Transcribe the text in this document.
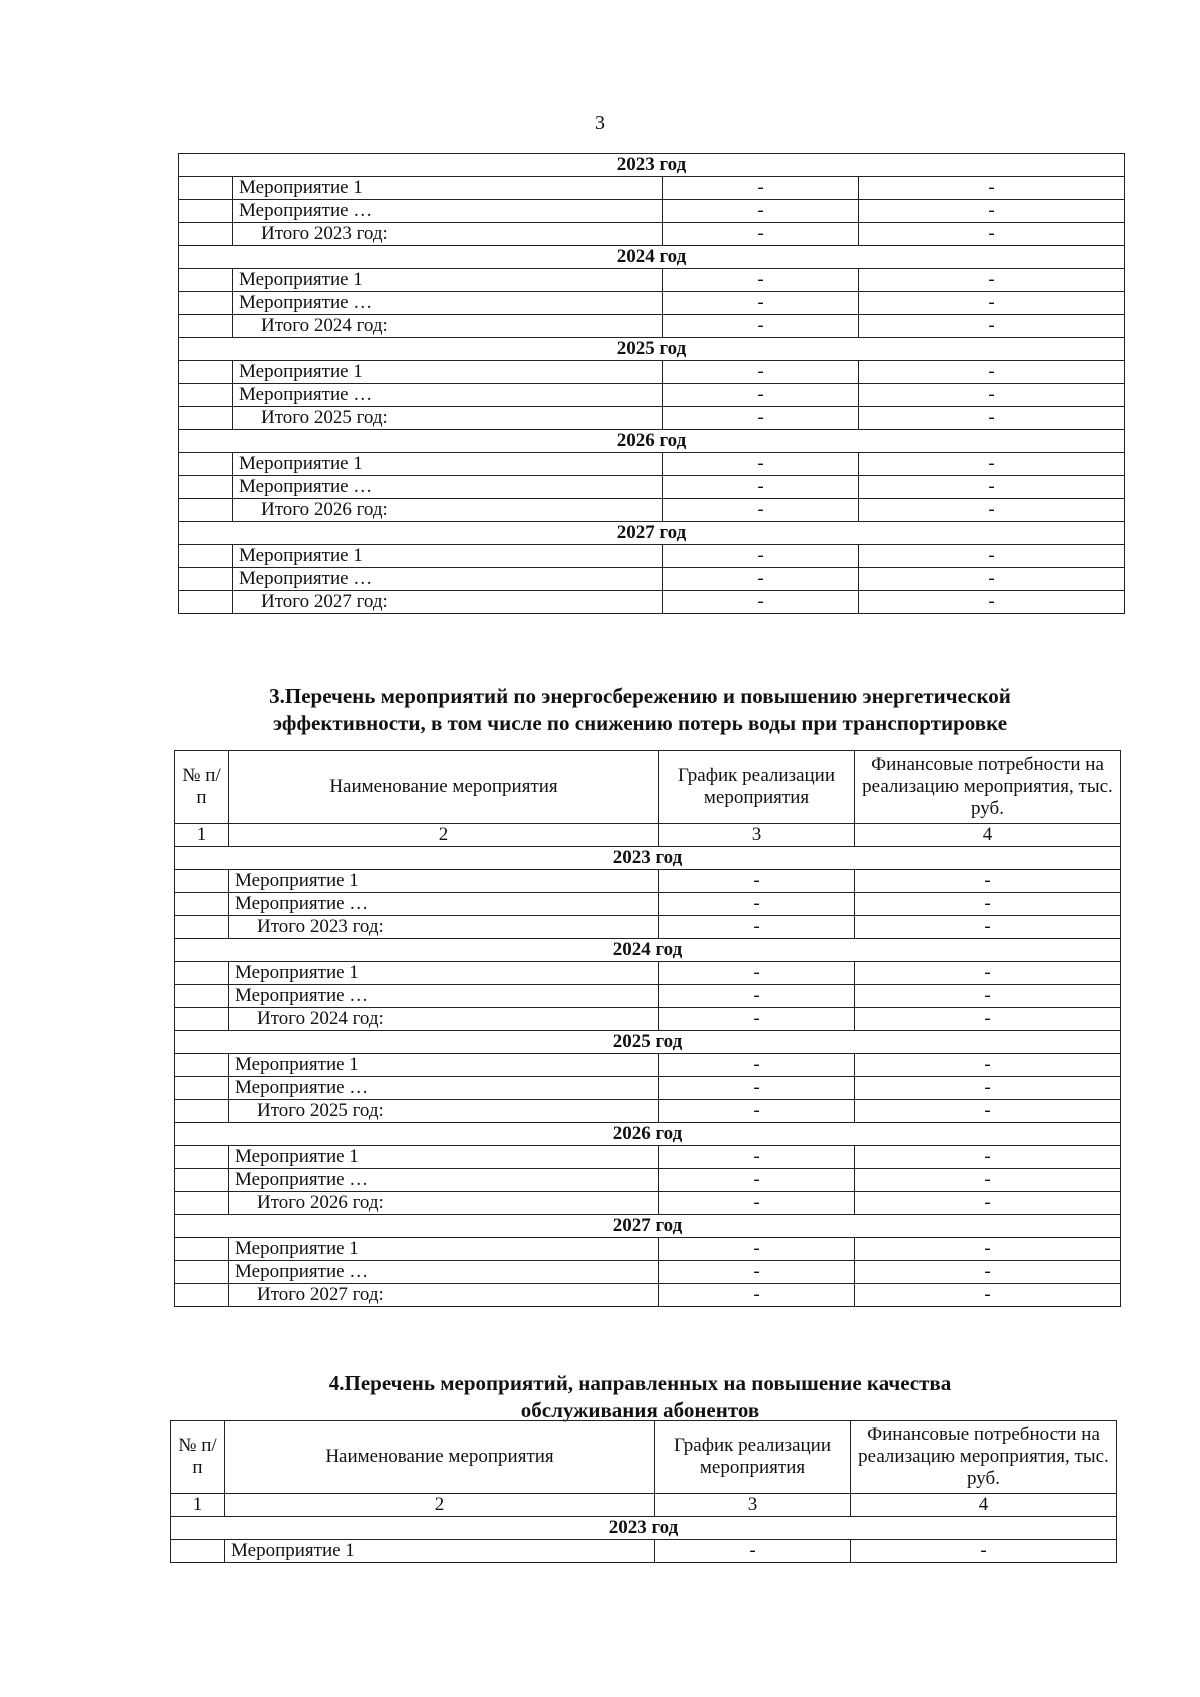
3
2023 год			
	Мероприятие 1	-	-
	Мероприятие …	-	-
	Итого 2023 год:	-	-
2024 год			
	Мероприятие 1	-	-
	Мероприятие …	-	-
	Итого 2024 год:	-	-
2025 год			
	Мероприятие 1	-	-
	Мероприятие …	-	-
	Итого 2025 год:	-	-
2026 год			
	Мероприятие 1	-	-
	Мероприятие …	-	-
	Итого 2026 год:	-	-
2027 год			
	Мероприятие 1	-	-
	Мероприятие …	-	-
	Итого 2027 год:	-	-
3.Перечень мероприятий по энергосбережению и повышению энергетической
эффективности, в том числе по снижению потерь воды при транспортировке
№ п/п	Наименование мероприятия	График реализации мероприятия	Финансовые потребности на реализацию мероприятия, тыс. руб.
1	2	3	4
2023 год			
	Мероприятие 1	-	-
	Мероприятие …	-	-
	Итого 2023 год:	-	-
2024 год			
	Мероприятие 1	-	-
	Мероприятие …	-	-
	Итого 2024 год:	-	-
2025 год			
	Мероприятие 1	-	-
	Мероприятие …	-	-
	Итого 2025 год:	-	-
2026 год			
	Мероприятие 1	-	-
	Мероприятие …	-	-
	Итого 2026 год:	-	-
2027 год			
	Мероприятие 1	-	-
	Мероприятие …	-	-
	Итого 2027 год:	-	-
4.Перечень мероприятий, направленных на повышение качества
обслуживания абонентов
№ п/п	Наименование мероприятия	График реализации мероприятия	Финансовые потребности на реализацию мероприятия, тыс. руб.
1	2	3	4
2023 год			
	Мероприятие 1	-	-
